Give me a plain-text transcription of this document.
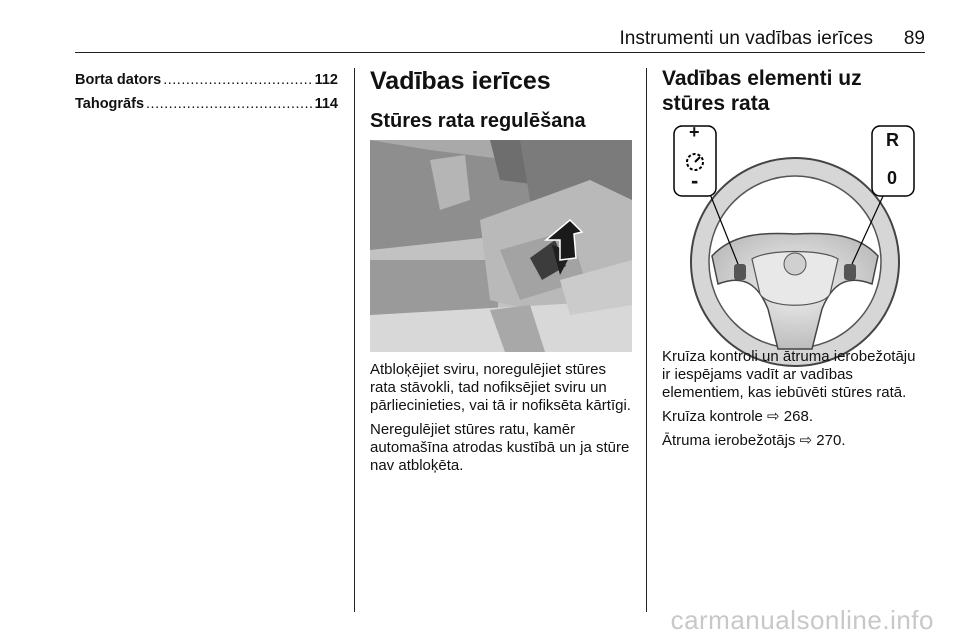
Instrumenti un vadības ierīces 89
Borta dators .....	112
Tahogrāfs .....	114
Vadības ierīces
Stūres rata regulēšana

Atbloķējiet sviru, noregulējiet stūres rata stāvokli, tad nofiksējiet sviru un pārliecinieties, vai tā ir nofiksēta kārtīgi.

Neregulējiet stūres ratu, kamēr automašīna atrodas kustībā un ja stūre nav atbloķēta.

Vadības elementi uz stūres rata
+
-
R
0

Kruīza kontroli un ātruma ierobežotāju ir iespējams vadīt ar vadības elementiem, kas iebūvēti stūres ratā.

Kruīza kontrole ⇨ 268.

Ātruma ierobežotājs ⇨ 270.

carmanualsonline.info
